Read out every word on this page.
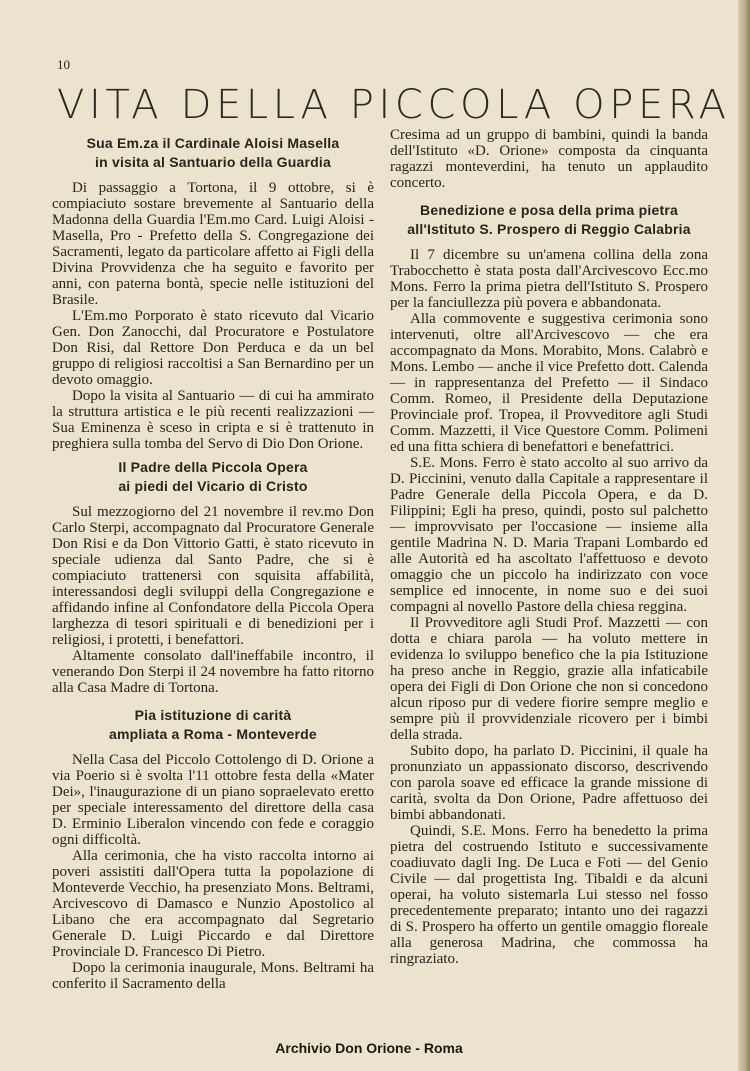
10
VITA DELLA PICCOLA OPERA
Sua Em.za il Cardinale Aloisi Masella
in visita al Santuario della Guardia

Di passaggio a Tortona, il 9 ottobre, si è compiaciuto sostare brevemente al Santuario della Madonna della Guardia l'Em.mo Card. Luigi Aloisi - Masella, Pro - Prefetto della S. Congregazione dei Sacramenti, legato da particolare affetto ai Figli della Divina Provvidenza che ha seguito e favorito per anni, con paterna bontà, specie nelle istituzioni del Brasile.

L'Em.mo Porporato è stato ricevuto dal Vicario Gen. Don Zanocchi, dal Procuratore e Postulatore Don Risi, dal Rettore Don Perduca e da un bel gruppo di religiosi raccoltisi a San Bernardino per un devoto omaggio.

Dopo la visita al Santuario — di cui ha ammirato la struttura artistica e le più recenti realizzazioni — Sua Eminenza è sceso in cripta e si è trattenuto in preghiera sulla tomba del Servo di Dio Don Orione.

Il Padre della Piccola Opera
ai piedi del Vicario di Cristo

Sul mezzogiorno del 21 novembre il rev.mo Don Carlo Sterpi, accompagnato dal Procuratore Generale Don Risi e da Don Vittorio Gatti, è stato ricevuto in speciale udienza dal Santo Padre, che si è compiaciuto trattenersi con squisita affabilità, interessandosi degli sviluppi della Congregazione e affidando infine al Confondatore della Piccola Opera larghezza di tesori spirituali e di benedizioni per i religiosi, i protetti, i benefattori.

Altamente consolato dall'ineffabile incontro, il venerando Don Sterpi il 24 novembre ha fatto ritorno alla Casa Madre di Tortona.

Pia istituzione di carità
ampliata a Roma - Monteverde

Nella Casa del Piccolo Cottolengo di D. Orione a via Poerio si è svolta l'11 ottobre festa della «Mater Dei», l'inaugurazione di un piano sopraelevato eretto per speciale interessamento del direttore della casa D. Erminio Liberalon vincendo con fede e coraggio ogni difficoltà.

Alla cerimonia, che ha visto raccolta intorno ai poveri assistiti dall'Opera tutta la popolazione di Monteverde Vecchio, ha presenziato Mons. Beltrami, Arcivescovo di Damasco e Nunzio Apostolico al Libano che era accompagnato dal Segretario Generale D. Luigi Piccardo e dal Direttore Provinciale D. Francesco Di Pietro.

Dopo la cerimonia inaugurale, Mons. Beltrami ha conferito il Sacramento della

Cresima ad un gruppo di bambini, quindi la banda dell'Istituto «D. Orione» composta da cinquanta ragazzi monteverdini, ha tenuto un applaudito concerto.

Benedizione e posa della prima pietra
all'Istituto S. Prospero di Reggio Calabria

Il 7 dicembre su un'amena collina della zona Trabocchetto è stata posta dall'Arcivescovo Ecc.mo Mons. Ferro la prima pietra dell'Istituto S. Prospero per la fanciullezza più povera e abbandonata.

Alla commovente e suggestiva cerimonia sono intervenuti, oltre all'Arcivescovo — che era accompagnato da Mons. Morabito, Mons. Calabrò e Mons. Lembo — anche il vice Prefetto dott. Calenda — in rappresentanza del Prefetto — il Sindaco Comm. Romeo, il Presidente della Deputazione Provinciale prof. Tropea, il Provveditore agli Studi Comm. Mazzetti, il Vice Questore Comm. Polimeni ed una fitta schiera di benefattori e benefattrici.

S.E. Mons. Ferro è stato accolto al suo arrivo da D. Piccinini, venuto dalla Capitale a rappresentare il Padre Generale della Piccola Opera, e da D. Filippini; Egli ha preso, quindi, posto sul palchetto — improvvisato per l'occasione — insieme alla gentile Madrina N. D. Maria Trapani Lombardo ed alle Autorità ed ha ascoltato l'affettuoso e devoto omaggio che un piccolo ha indirizzato con voce semplice ed innocente, in nome suo e dei suoi compagni al novello Pastore della chiesa reggina.

Il Provveditore agli Studi Prof. Mazzetti — con dotta e chiara parola — ha voluto mettere in evidenza lo sviluppo benefico che la pia Istituzione ha preso anche in Reggio, grazie alla infaticabile opera dei Figli di Don Orione che non si concedono alcun riposo pur di vedere fiorire sempre meglio e sempre più il provvidenziale ricovero per i bimbi della strada.

Subito dopo, ha parlato D. Piccinini, il quale ha pronunziato un appassionato discorso, descrivendo con parola soave ed efficace la grande missione di carità, svolta da Don Orione, Padre affettuoso dei bimbi abbandonati.

Quindi, S.E. Mons. Ferro ha benedetto la prima pietra del costruendo Istituto e successivamente coadiuvato dagli Ing. De Luca e Foti — del Genio Civile — dal progettista Ing. Tibaldi e da alcuni operai, ha voluto sistemarla Lui stesso nel fosso precedentemente preparato; intanto uno dei ragazzi di S. Prospero ha offerto un gentile omaggio floreale alla generosa Madrina, che commossa ha ringraziato.

Archivio Don Orione - Roma
